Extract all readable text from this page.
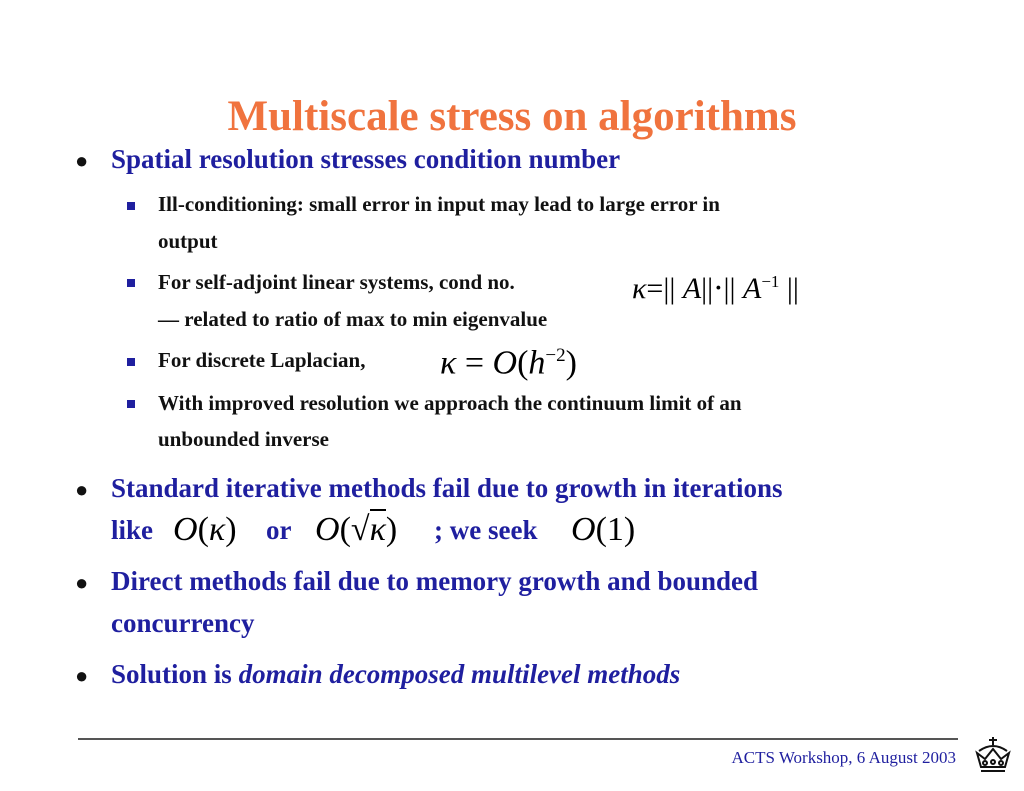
Multiscale stress on algorithms
● Spatial resolution stresses condition number
Ill-conditioning: small error in input may lead to large error in
output
For self-adjoint linear systems, cond no.	κ=|| A||⋅|| $A^{-1}$ ||
— related to ratio of max to min eigenvalue
For discrete Laplacian, $\kappa = O(h^{-2})$
With improved resolution we approach the continuum limit of an
unbounded inverse
● Standard iterative methods fail due to growth in iterations
like O(κ) or O(√κ) ; we seek O(1)
● Direct methods fail due to memory growth and bounded
concurrency
● Solution is domain decomposed multilevel methods
ACTS Workshop, 6 August 2003
